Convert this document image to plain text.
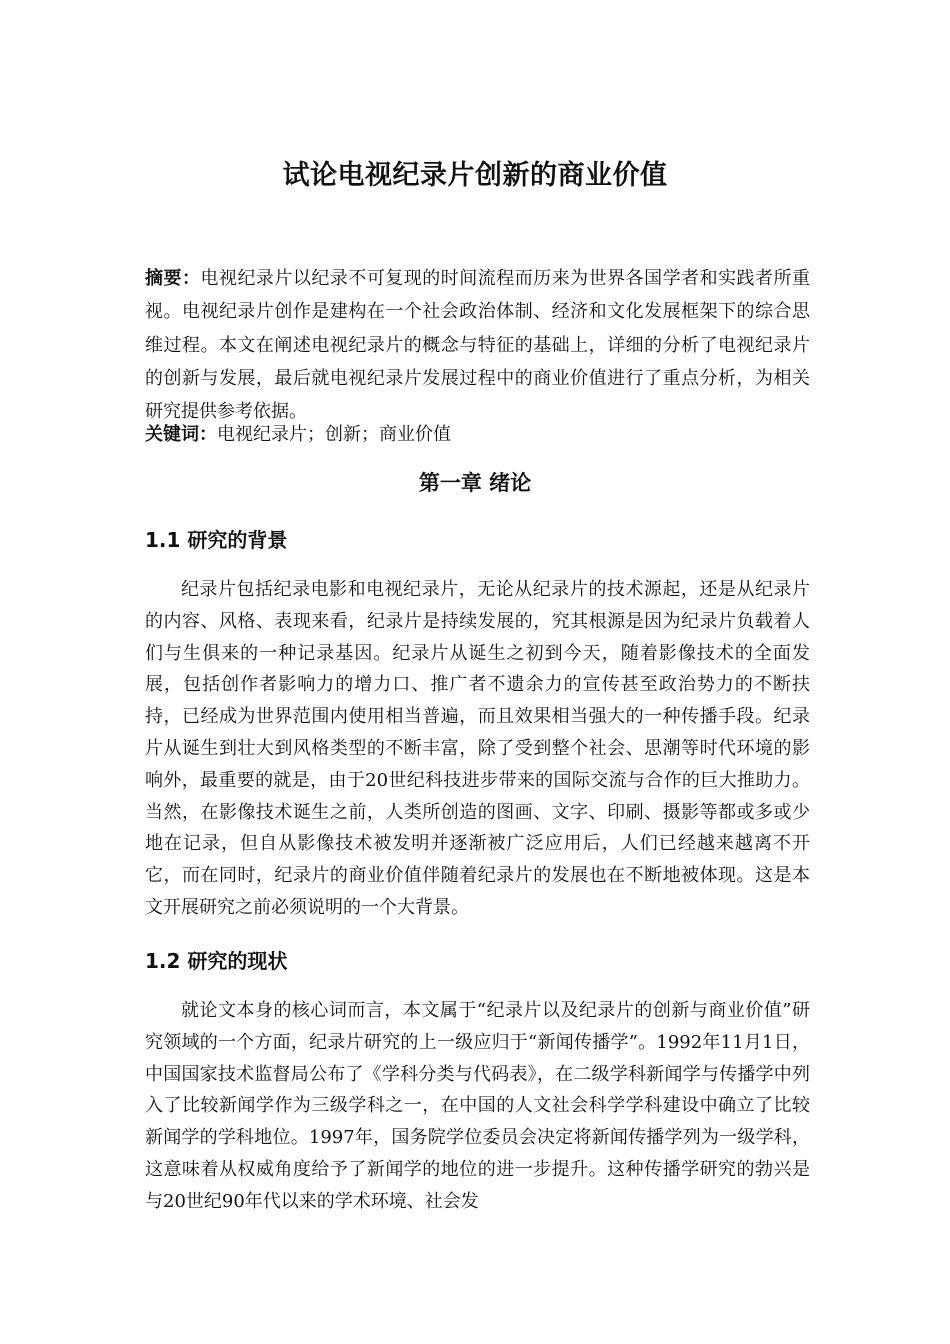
试论电视纪录片创新的商业价值
摘要：电视纪录片以纪录不可复现的时间流程而历来为世界各国学者和实践者所重视。电视纪录片创作是建构在一个社会政治体制、经济和文化发展框架下的综合思维过程。本文在阐述电视纪录片的概念与特征的基础上，详细的分析了电视纪录片的创新与发展，最后就电视纪录片发展过程中的商业价值进行了重点分析，为相关研究提供参考依据。
关键词：电视纪录片；创新；商业价值
第一章 绪论
1.1 研究的背景
纪录片包括纪录电影和电视纪录片，无论从纪录片的技术源起，还是从纪录片的内容、风格、表现来看，纪录片是持续发展的，究其根源是因为纪录片负载着人们与生俱来的一种记录基因。纪录片从诞生之初到今天，随着影像技术的全面发展，包括创作者影响力的增力口、推广者不遗余力的宣传甚至政治势力的不断扶持，已经成为世界范围内使用相当普遍，而且效果相当强大的一种传播手段。纪录片从诞生到壮大到风格类型的不断丰富，除了受到整个社会、思潮等时代环境的影响外，最重要的就是，由于20世纪科技进步带来的国际交流与合作的巨大推助力。当然，在影像技术诞生之前，人类所创造的图画、文字、印刷、摄影等都或多或少地在记录，但自从影像技术被发明并逐渐被广泛应用后，人们已经越来越离不开它，而在同时，纪录片的商业价值伴随着纪录片的发展也在不断地被体现。这是本文开展研究之前必须说明的一个大背景。
1.2 研究的现状
就论文本身的核心词而言，本文属于“纪录片以及纪录片的创新与商业价值”研究领域的一个方面，纪录片研究的上一级应归于“新闻传播学”。1992年11月1日，中国国家技术监督局公布了《学科分类与代码表》，在二级学科新闻学与传播学中列入了比较新闻学作为三级学科之一，在中国的人文社会科学学科建设中确立了比较新闻学的学科地位。1997年，国务院学位委员会决定将新闻传播学列为一级学科，这意味着从权威角度给予了新闻学的地位的进一步提升。这种传播学研究的勃兴是与20世纪90年代以来的学术环境、社会发
